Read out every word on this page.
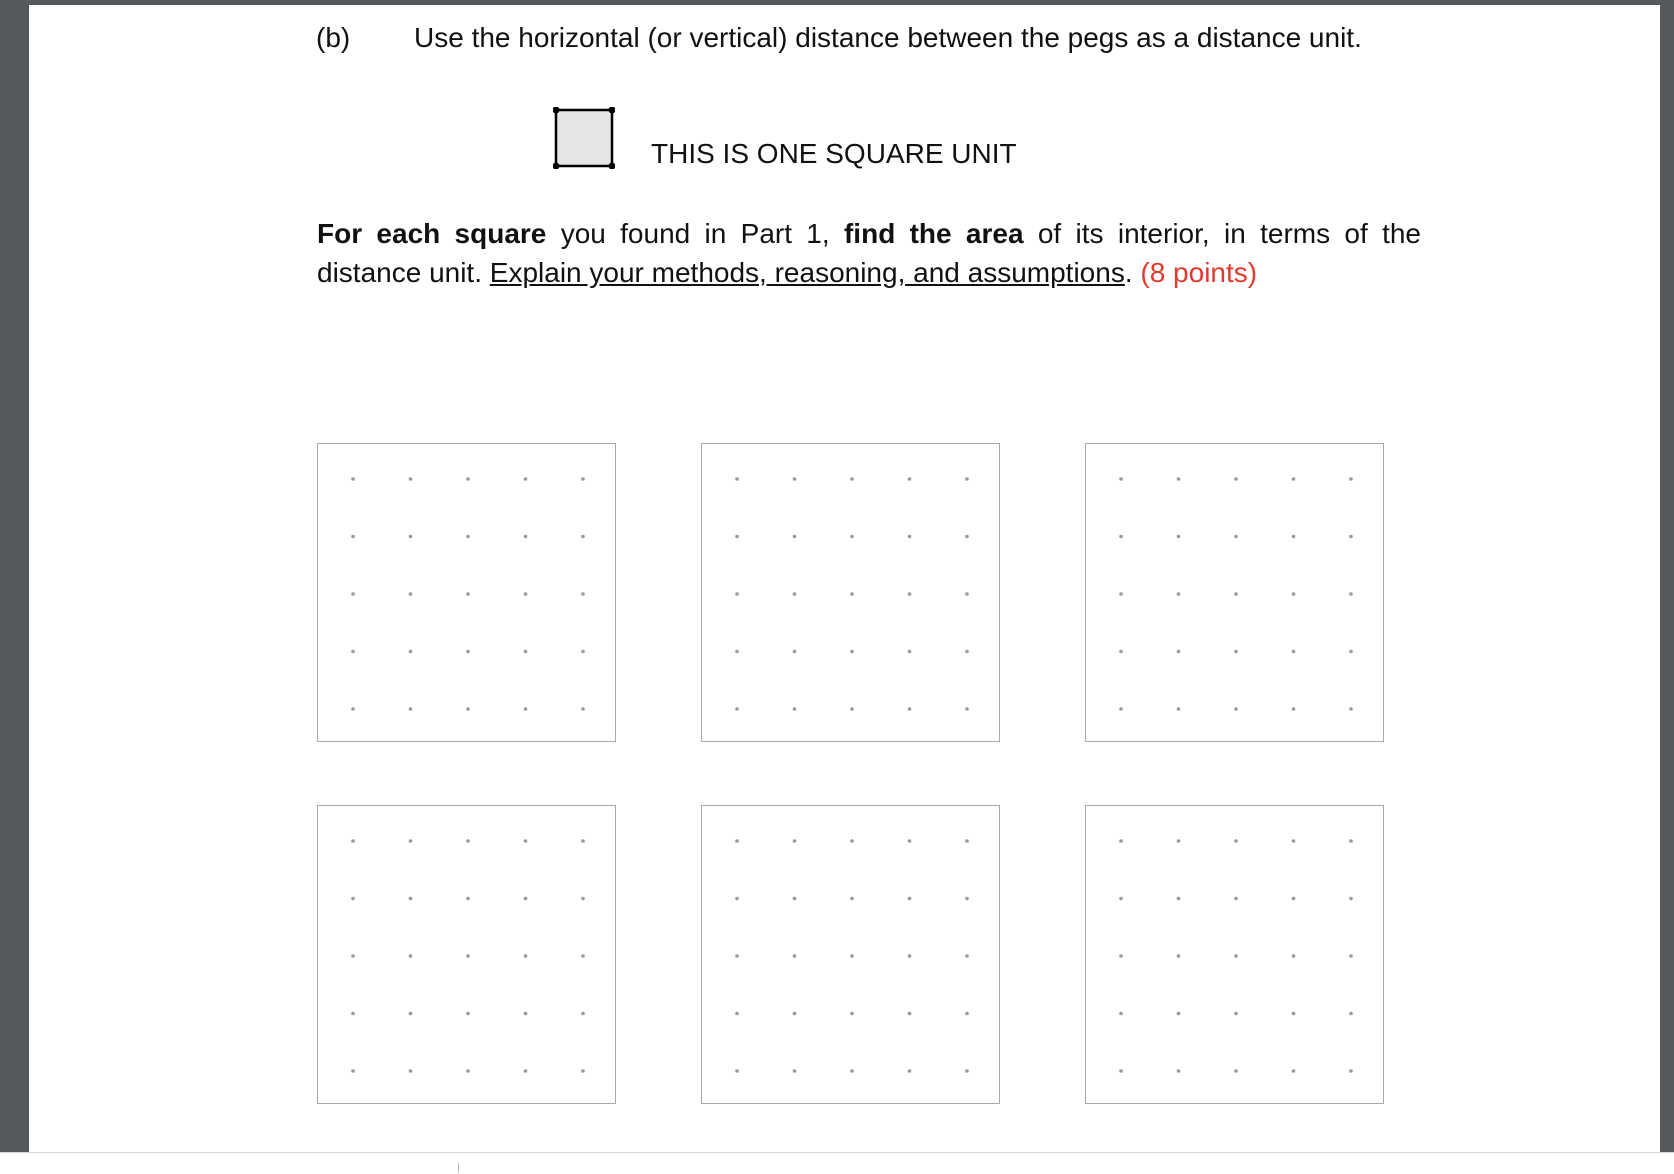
(b) Use the horizontal (or vertical) distance between the pegs as a distance unit.
THIS IS ONE SQUARE UNIT
For each square you found in Part 1, find the area of its interior, in terms of the
distance unit. Explain your methods, reasoning, and assumptions. (8 points)
